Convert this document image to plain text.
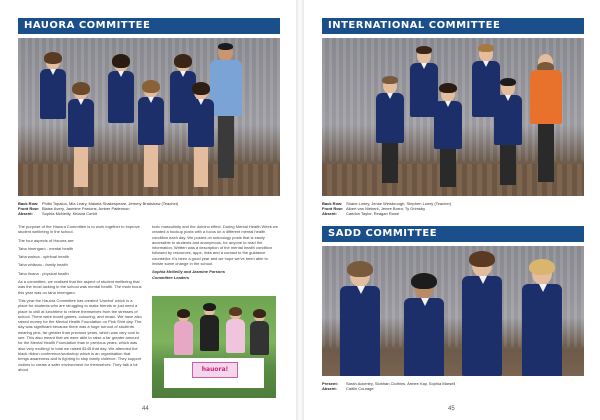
HAUORA COMMITTEE
Back Row: Phiibi Topaloo, Mia Leary, Makeia Shakespeare, Jeremy Bradshaw (Teacher)
Front Row: Blaise Avery, Jasmine Parsons, Amber Pattenson
Absent: Sophia McNeilly, Kiriana Corbit

The purpose of the Hauora Committee is to work together to improve student wellbeing in the school.

The four aspects of Hauora are:

Taha hinengaro - mental health

Taha wairua - spiritual health

Taha whānau - family health

Taha tinana - physical health

As a committee, we realised that the aspect of student wellbeing that was the most lacking in the school was mental health. The main focus this year was on taha hinengaro.

This year the Hauora Committee has created 'Unwind' which is a place for students who are struggling to make friends or just need a place to chill at lunchtime to relieve themselves from the stresses of school. There were board games, colouring, and music. We have also raised money for the Mental Health Foundation on Pink Shirt day. The day was significant because there was a huge turnout of students wearing pink, far greater than previous years, which was very cool to see. This also meant that we were able to raise a far greater amount for the Mental Health Foundation than in previous years, which was also very exciting! In total we raised $145 that day. We attended the black ribbon conference/workshop which is an organisation that brings awareness and is fighting to stop family violence. They support victims to create a safer environment for themselves. They talk a lot about

toxic masculinity and the domino effect. During Mental Health Week we created a hookup posts with a focus on a different mental health condition each day. We posted on schoology posts that is easily accessible to students and anonymous, for anyone to read the information. Written was a description of the mental health condition followed by resources, apps, links and a contact to the guidance counsellor. It's been a good year and we hope we've been able to inviste some change in the school.

Sophia McNeilly and Jasmine Parsons
Committee Leaders
hauora!
44
INTERNATIONAL COMMITTEE
Back Row: Shane Lowry, Jense Weisbrough, Stephen Lowry (Teacher)
Front Row: Albert van Niekerk, Jenee Borra, Ty Grimsby
Absent: Caedon Taylor, Reagan Rowe
SADD COMMITTEE
Present: Sarah Ackerley, Siobhan Clothins, Armee Kay, Sophia Marsell
Absent: Caitlin Courage
45
